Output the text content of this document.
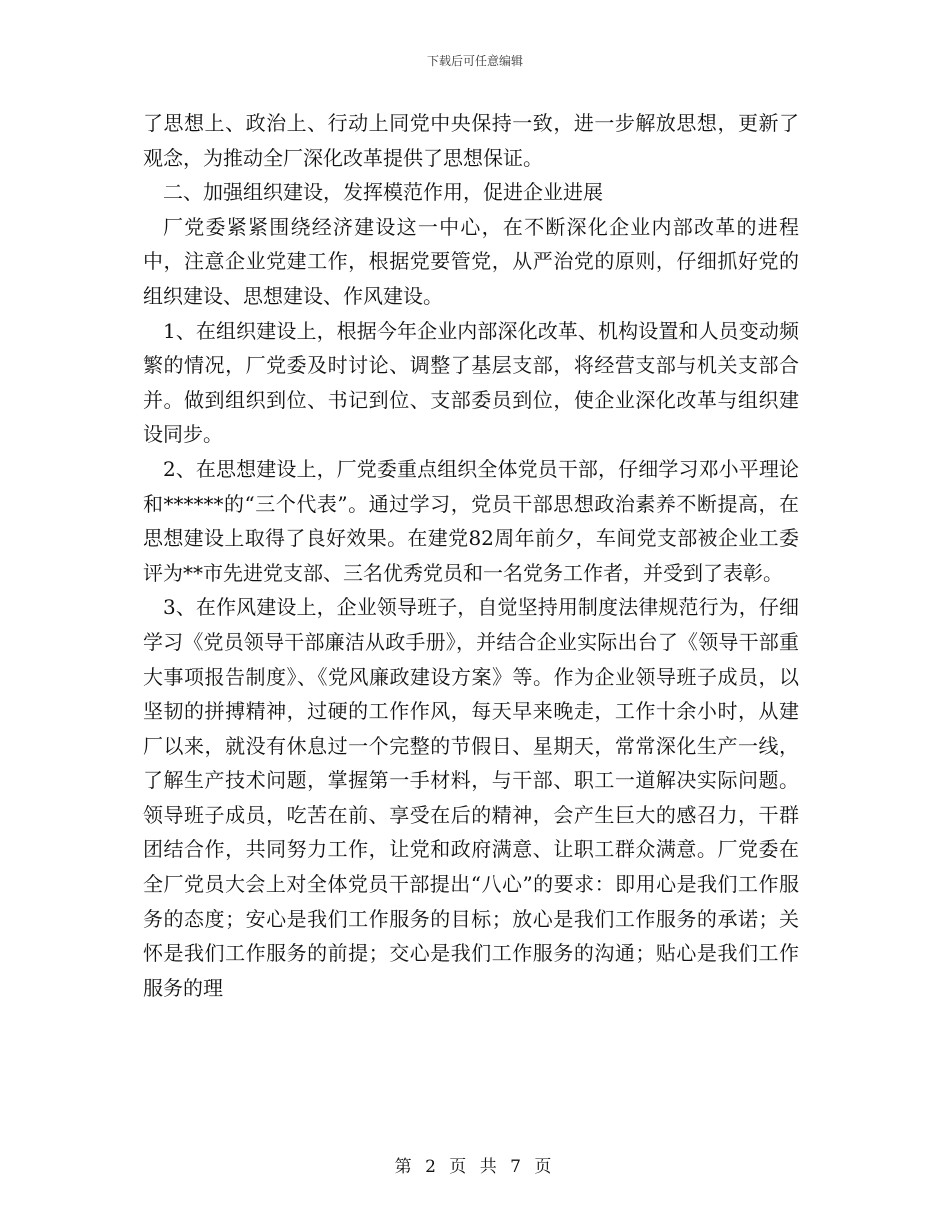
下载后可任意编辑

了思想上、政治上、行动上同党中央保持一致，进一步解放思想，更新了观念，为推动全厂深化改革提供了思想保证。

二、加强组织建设，发挥模范作用，促进企业进展

厂党委紧紧围绕经济建设这一中心，在不断深化企业内部改革的进程中，注意企业党建工作，根据党要管党，从严治党的原则，仔细抓好党的组织建设、思想建设、作风建设。

1、在组织建设上，根据今年企业内部深化改革、机构设置和人员变动频繁的情况，厂党委及时讨论、调整了基层支部，将经营支部与机关支部合并。做到组织到位、书记到位、支部委员到位，使企业深化改革与组织建设同步。

2、在思想建设上，厂党委重点组织全体党员干部，仔细学习邓小平理论和******的“三个代表”。通过学习，党员干部思想政治素养不断提高，在思想建设上取得了良好效果。在建党82周年前夕，车间党支部被企业工委评为**市先进党支部、三名优秀党员和一名党务工作者，并受到了表彰。

3、在作风建设上，企业领导班子，自觉坚持用制度法律规范行为，仔细学习《党员领导干部廉洁从政手册》，并结合企业实际出台了《领导干部重大事项报告制度》、《党风廉政建设方案》等。作为企业领导班子成员，以坚韧的拼搏精神，过硬的工作作风，每天早来晚走，工作十余小时，从建厂以来，就没有休息过一个完整的节假日、星期天，常常深化生产一线，了解生产技术问题，掌握第一手材料，与干部、职工一道解决实际问题。领导班子成员，吃苦在前、享受在后的精神，会产生巨大的感召力，干群团结合作，共同努力工作，让党和政府满意、让职工群众满意。厂党委在全厂党员大会上对全体党员干部提出“八心”的要求：即用心是我们工作服务的态度；安心是我们工作服务的目标；放心是我们工作服务的承诺；关怀是我们工作服务的前提；交心是我们工作服务的沟通；贴心是我们工作服务的理

第 2 页 共 7 页
